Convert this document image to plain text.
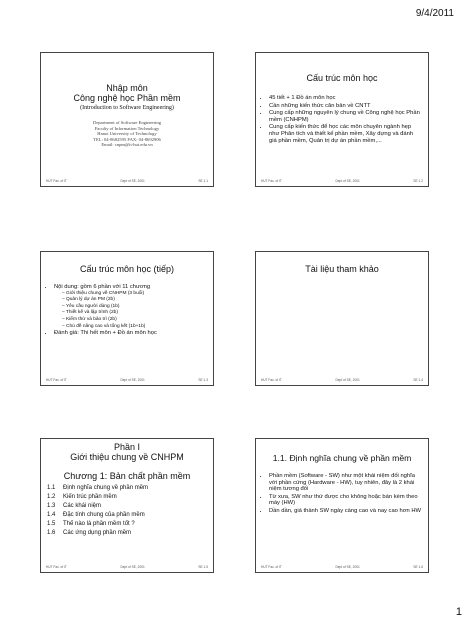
9/4/2011
Nhập môn
Công nghệ học Phần mềm
(Introduction to Software Engineering)
Department of Software Engineering
Faculty of Information Technology
Hanoi University of Technology
TEL: 04-8682595 FAX: 04-8692906
Email: cnpm@it-hut.edu.vn
HUT Fac. of IT	Dept of SE, 2001	SE 1.1
Cấu trúc môn học
• 45 tiết + 1 Đồ án môn học
• Cần những kiến thức căn bản về CNTT
• Cung cấp những nguyên lý chung về Công nghệ học Phần mềm (CNHPM)
• Cung cấp kiến thức để học các môn chuyên ngành hẹp như Phân tích và thiết kế phần mềm, Xây dựng và đánh giá phần mềm, Quản trị dự án phần mềm,...
HUT Fac. of IT	Dept of SE, 2001	SE 1.2
Cấu trúc môn học (tiếp)
• Nội dung: gồm 6 phần với 11 chương
– Giới thiệu chung về CNHPM (3 buổi)
– Quản lý dự án PM (2b)
– Yêu cầu người dùng (1b)
– Thiết kế và lập trình (2b)
– Kiểm thử và bảo trì (2b)
– Chủ đề nâng cao và tổng kết (1b+1b)
• Đánh giá: Thi hết môn + Đồ án môn học
HUT Fac. of IT	Dept of SE, 2001	SE 1.3
Tài liệu tham khảo
HUT Fac. of IT	Dept of SE, 2001	SE 1.4
Phần I
Giới thiệu chung về CNHPM
Chương 1: Bản chất phần mềm
1.1 Định nghĩa chung về phần mềm
1.2 Kiến trúc phần mềm
1.3 Các khái niệm
1.4 Đặc tính chung của phần mềm
1.5 Thế nào là phần mềm tốt ?
1.6 Các ứng dụng phần mềm
HUT Fac. of IT	Dept of SE, 2001	SE 1.5
1.1. Định nghĩa chung về phần mềm
• Phần mềm (Software - SW) như một khái niệm đối nghĩa với phần cứng (Hardware - HW), tuy nhiên, đây là 2 khái niệm tương đối
• Từ xưa, SW như thứ được cho không hoặc bán kèm theo máy (HW)
• Dần dần, giá thành SW ngày càng cao và nay cao hơn HW
HUT Fac. of IT	Dept of SE, 2001	SE 1.6
1
